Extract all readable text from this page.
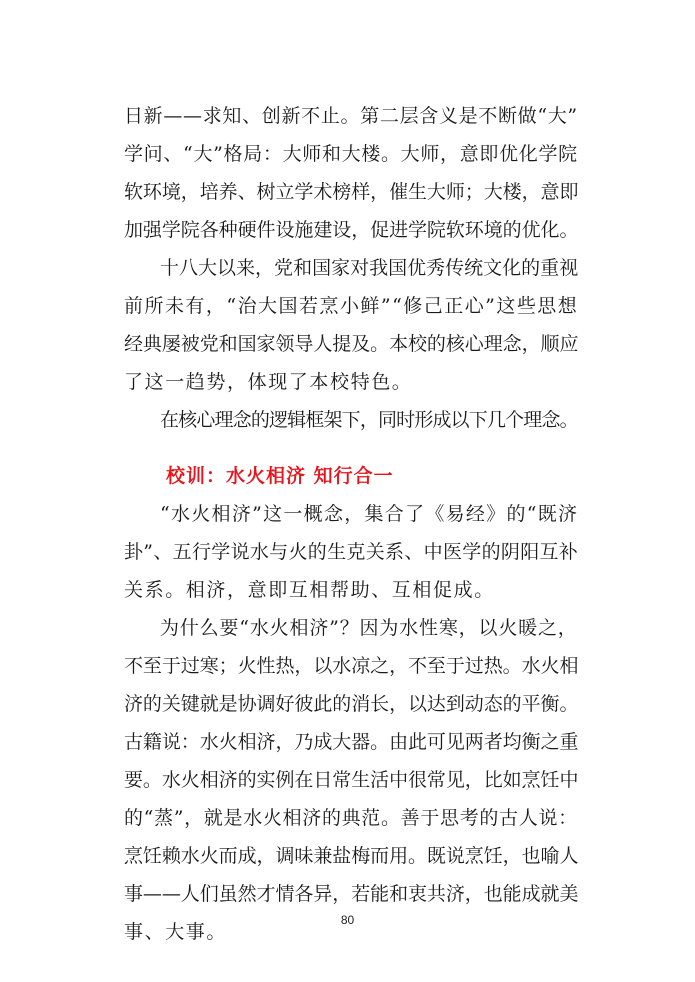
日新——求知、创新不止。第二层含义是不断做“大”
学问、“大”格局：大师和大楼。大师，意即优化学院
软环境，培养、树立学术榜样，催生大师；大楼，意即
加强学院各种硬件设施建设，促进学院软环境的优化。
十八大以来，党和国家对我国优秀传统文化的重视
前所未有，“治大国若烹小鲜”“修己正心”这些思想
经典屡被党和国家领导人提及。本校的核心理念，顺应
了这一趋势，体现了本校特色。
在核心理念的逻辑框架下，同时形成以下几个理念。
校训：水火相济 知行合一
“水火相济”这一概念，集合了《易经》的“既济
卦”、五行学说水与火的生克关系、中医学的阴阳互补
关系。相济，意即互相帮助、互相促成。
为什么要“水火相济”？因为水性寒，以火暖之，
不至于过寒；火性热，以水凉之，不至于过热。水火相
济的关键就是协调好彼此的消长，以达到动态的平衡。
古籍说：水火相济，乃成大器。由此可见两者均衡之重
要。水火相济的实例在日常生活中很常见，比如烹饪中
的“蒸”，就是水火相济的典范。善于思考的古人说：
烹饪赖水火而成，调味兼盐梅而用。既说烹饪，也喻人
事——人们虽然才情各异，若能和衷共济，也能成就美
事、大事。
80
